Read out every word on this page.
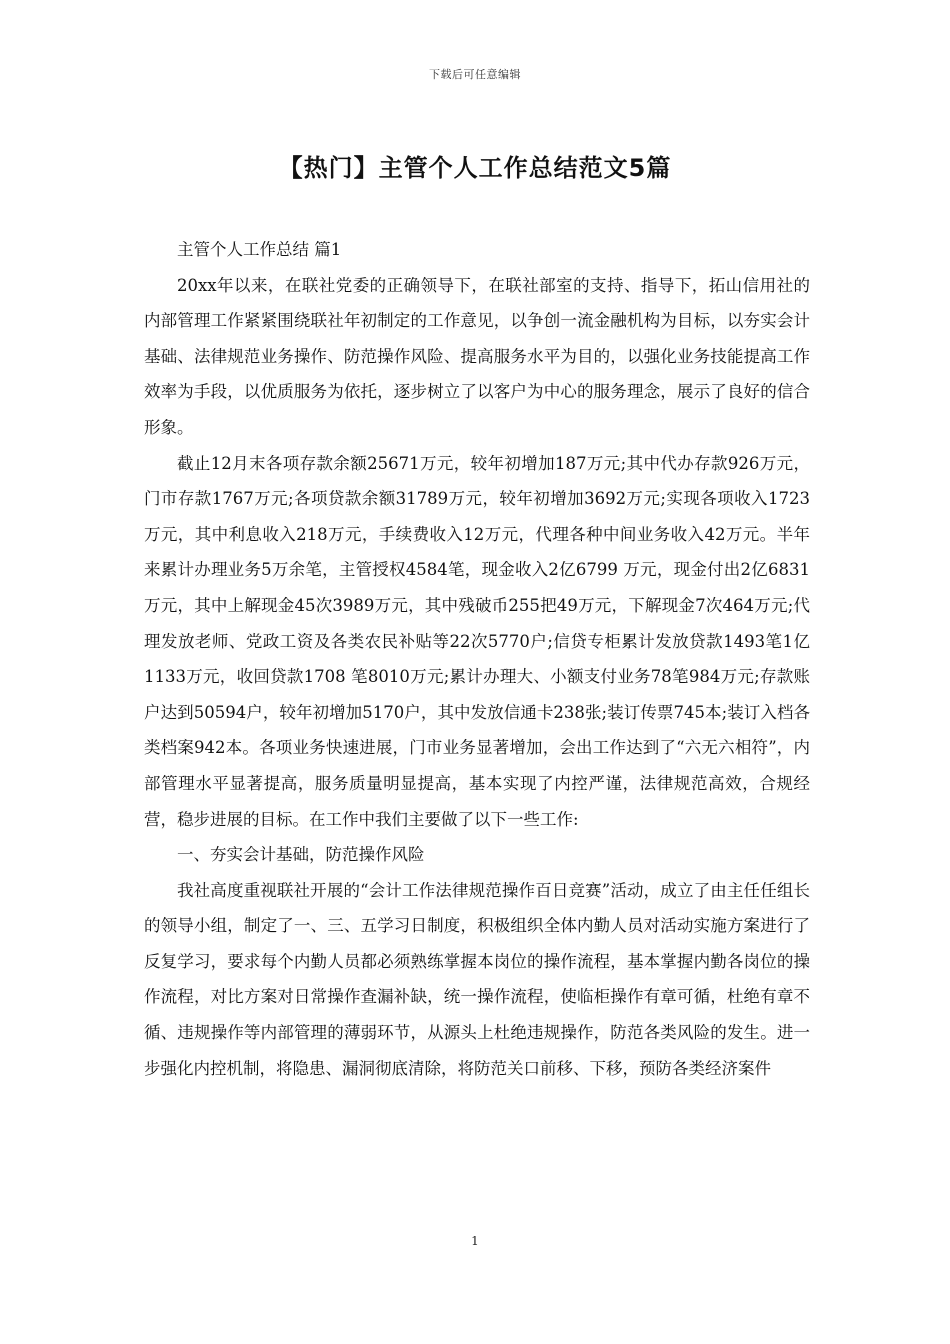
下载后可任意编辑
【热门】主管个人工作总结范文5篇

主管个人工作总结 篇1

20xx年以来，在联社党委的正确领导下，在联社部室的支持、指导下，拓山信用社的内部管理工作紧紧围绕联社年初制定的工作意见，以争创一流金融机构为目标，以夯实会计基础、法律规范业务操作、防范操作风险、提高服务水平为目的，以强化业务技能提高工作效率为手段，以优质服务为依托，逐步树立了以客户为中心的服务理念，展示了良好的信合形象。

截止12月末各项存款余额25671万元，较年初增加187万元;其中代办存款926万元，门市存款1767万元;各项贷款余额31789万元，较年初增加3692万元;实现各项收入1723万元，其中利息收入218万元，手续费收入12万元，代理各种中间业务收入42万元。半年来累计办理业务5万余笔，主管授权4584笔，现金收入2亿6799 万元，现金付出2亿6831万元，其中上解现金45次3989万元，其中残破币255把49万元，下解现金7次464万元;代理发放老师、党政工资及各类农民补贴等22次5770户;信贷专柜累计发放贷款1493笔1亿1133万元，收回贷款1708 笔8010万元;累计办理大、小额支付业务78笔984万元;存款账户达到50594户，较年初增加5170户，其中发放信通卡238张;装订传票745本;装订入档各类档案942本。各项业务快速进展，门市业务显著增加，会出工作达到了“六无六相符”，内部管理水平显著提高，服务质量明显提高，基本实现了内控严谨，法律规范高效，合规经营，稳步进展的目标。在工作中我们主要做了以下一些工作:

一、夯实会计基础，防范操作风险

我社高度重视联社开展的“会计工作法律规范操作百日竞赛”活动，成立了由主任任组长的领导小组，制定了一、三、五学习日制度，积极组织全体内勤人员对活动实施方案进行了反复学习，要求每个内勤人员都必须熟练掌握本岗位的操作流程，基本掌握内勤各岗位的操作流程，对比方案对日常操作查漏补缺，统一操作流程，使临柜操作有章可循，杜绝有章不循、违规操作等内部管理的薄弱环节，从源头上杜绝违规操作，防范各类风险的发生。进一步强化内控机制，将隐患、漏洞彻底清除，将防范关口前移、下移，预防各类经济案件

1
